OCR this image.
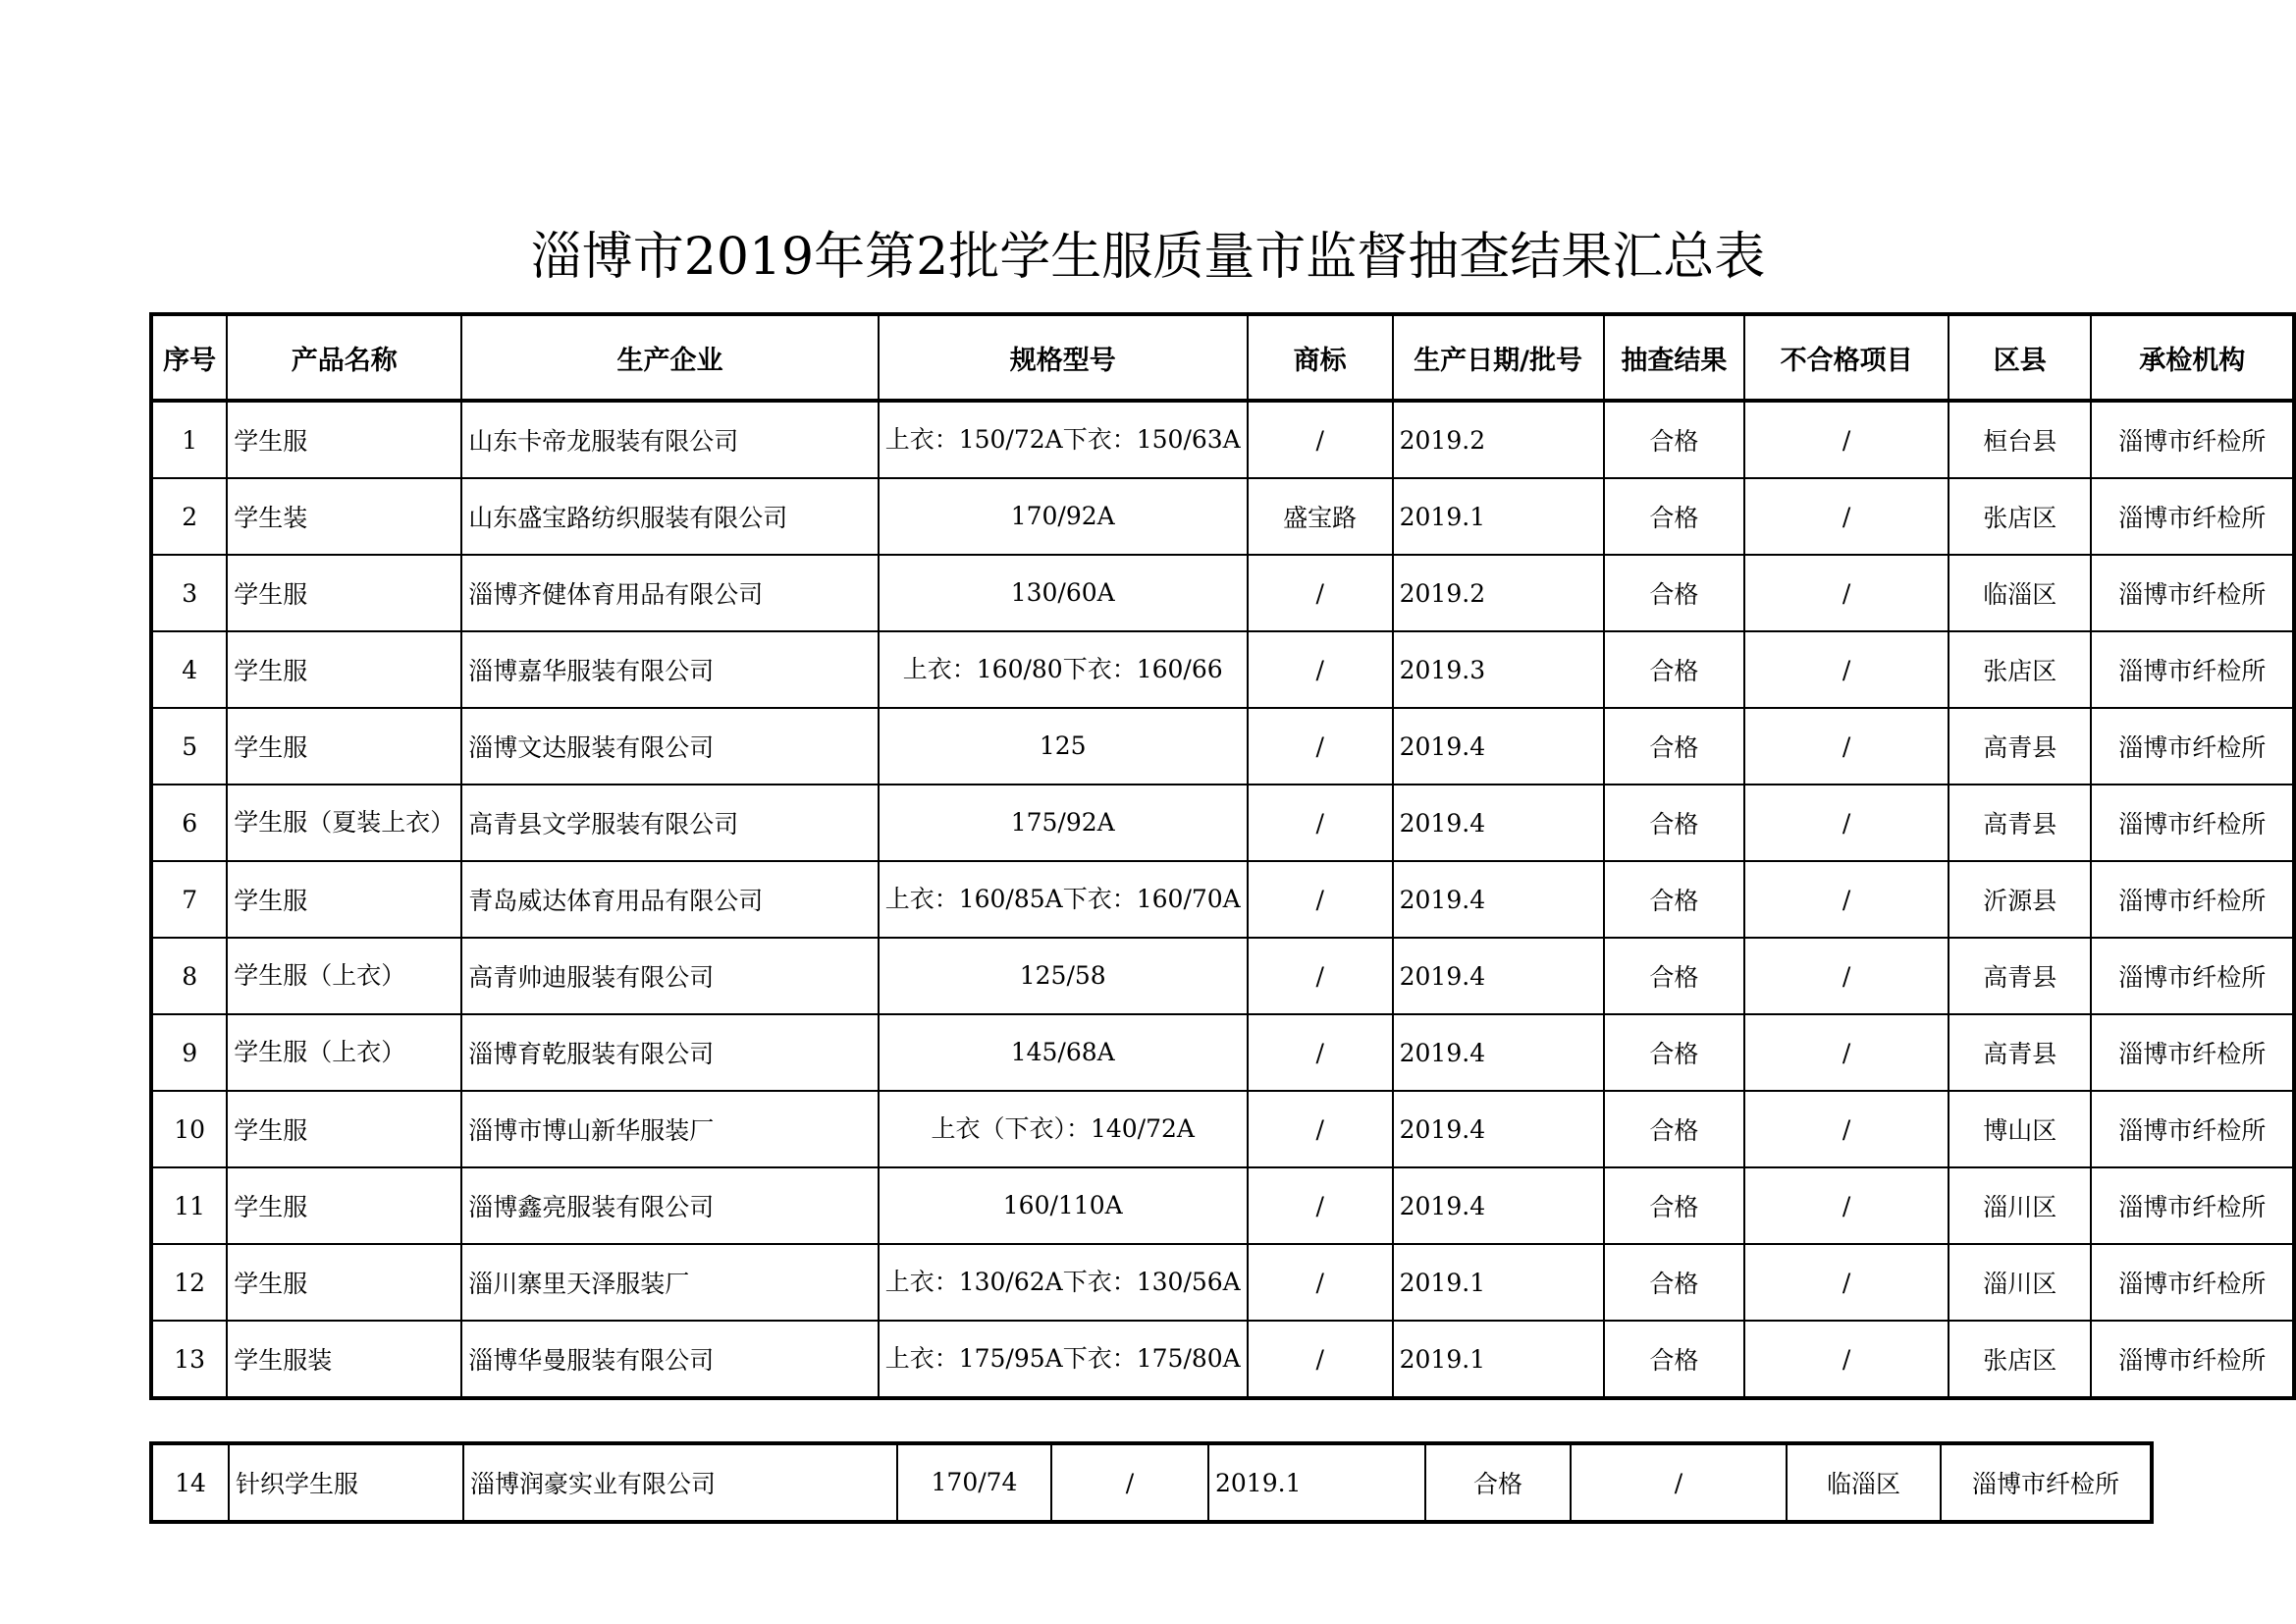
淄博市2019年第2批学生服质量市监督抽查结果汇总表
序号	产品名称	生产企业	规格型号	商标	生产日期/批号	抽查结果	不合格项目	区县	承检机构
1	学生服	山东卡帝龙服装有限公司	上衣：150/72A下衣：150/63A	/	2019.2	合格	/	桓台县	淄博市纤检所
2	学生装	山东盛宝路纺织服装有限公司	170/92A	盛宝路	2019.1	合格	/	张店区	淄博市纤检所
3	学生服	淄博齐健体育用品有限公司	130/60A	/	2019.2	合格	/	临淄区	淄博市纤检所
4	学生服	淄博嘉华服装有限公司	上衣：160/80下衣：160/66	/	2019.3	合格	/	张店区	淄博市纤检所
5	学生服	淄博文达服装有限公司	125	/	2019.4	合格	/	高青县	淄博市纤检所
6	学生服（夏装上衣）	高青县文学服装有限公司	175/92A	/	2019.4	合格	/	高青县	淄博市纤检所
7	学生服	青岛威达体育用品有限公司	上衣：160/85A下衣：160/70A	/	2019.4	合格	/	沂源县	淄博市纤检所
8	学生服（上衣）	高青帅迪服装有限公司	125/58	/	2019.4	合格	/	高青县	淄博市纤检所
9	学生服（上衣）	淄博育乾服装有限公司	145/68A	/	2019.4	合格	/	高青县	淄博市纤检所
10	学生服	淄博市博山新华服装厂	上衣（下衣）：140/72A	/	2019.4	合格	/	博山区	淄博市纤检所
11	学生服	淄博鑫亮服装有限公司	160/110A	/	2019.4	合格	/	淄川区	淄博市纤检所
12	学生服	淄川寨里天泽服装厂	上衣：130/62A下衣：130/56A	/	2019.1	合格	/	淄川区	淄博市纤检所
13	学生服装	淄博华曼服装有限公司	上衣：175/95A下衣：175/80A	/	2019.1	合格	/	张店区	淄博市纤检所
14	针织学生服	淄博润豪实业有限公司	170/74	/	2019.1	合格	/	临淄区	淄博市纤检所
